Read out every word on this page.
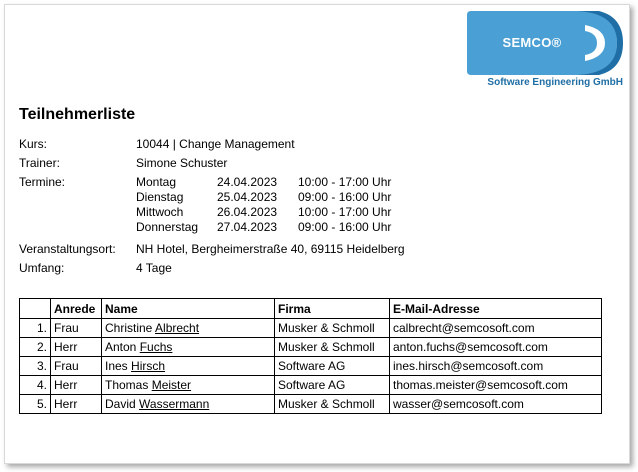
SEMCO®
Software Engineering GmbH
Teilnehmerliste
Kurs:	10044 | Change Management
Trainer:	Simone Schuster
Termine:	Montag	24.04.2023 10:00 - 17:00 Uhr
Dienstag	25.04.2023 09:00 - 16:00 Uhr
Mittwoch	26.04.2023 10:00 - 17:00 Uhr
Donnerstag 27.04.2023 09:00 - 16:00 Uhr
Veranstaltungsort: NH Hotel, Bergheimerstraße 40, 69115 Heidelberg
Umfang:	4 Tage
	Anrede	Name	Firma	E-Mail-Adresse
1.	Frau	Christine Albrecht	Musker & Schmoll	calbrecht@semcosoft.com
2.	Herr	Anton Fuchs	Musker & Schmoll	anton.fuchs@semcosoft.com
3.	Frau	Ines Hirsch	Software AG	ines.hirsch@semcosoft.com
4.	Herr	Thomas Meister	Software AG	thomas.meister@semcosoft.com
5.	Herr	David Wassermann	Musker & Schmoll	wasser@semcosoft.com
